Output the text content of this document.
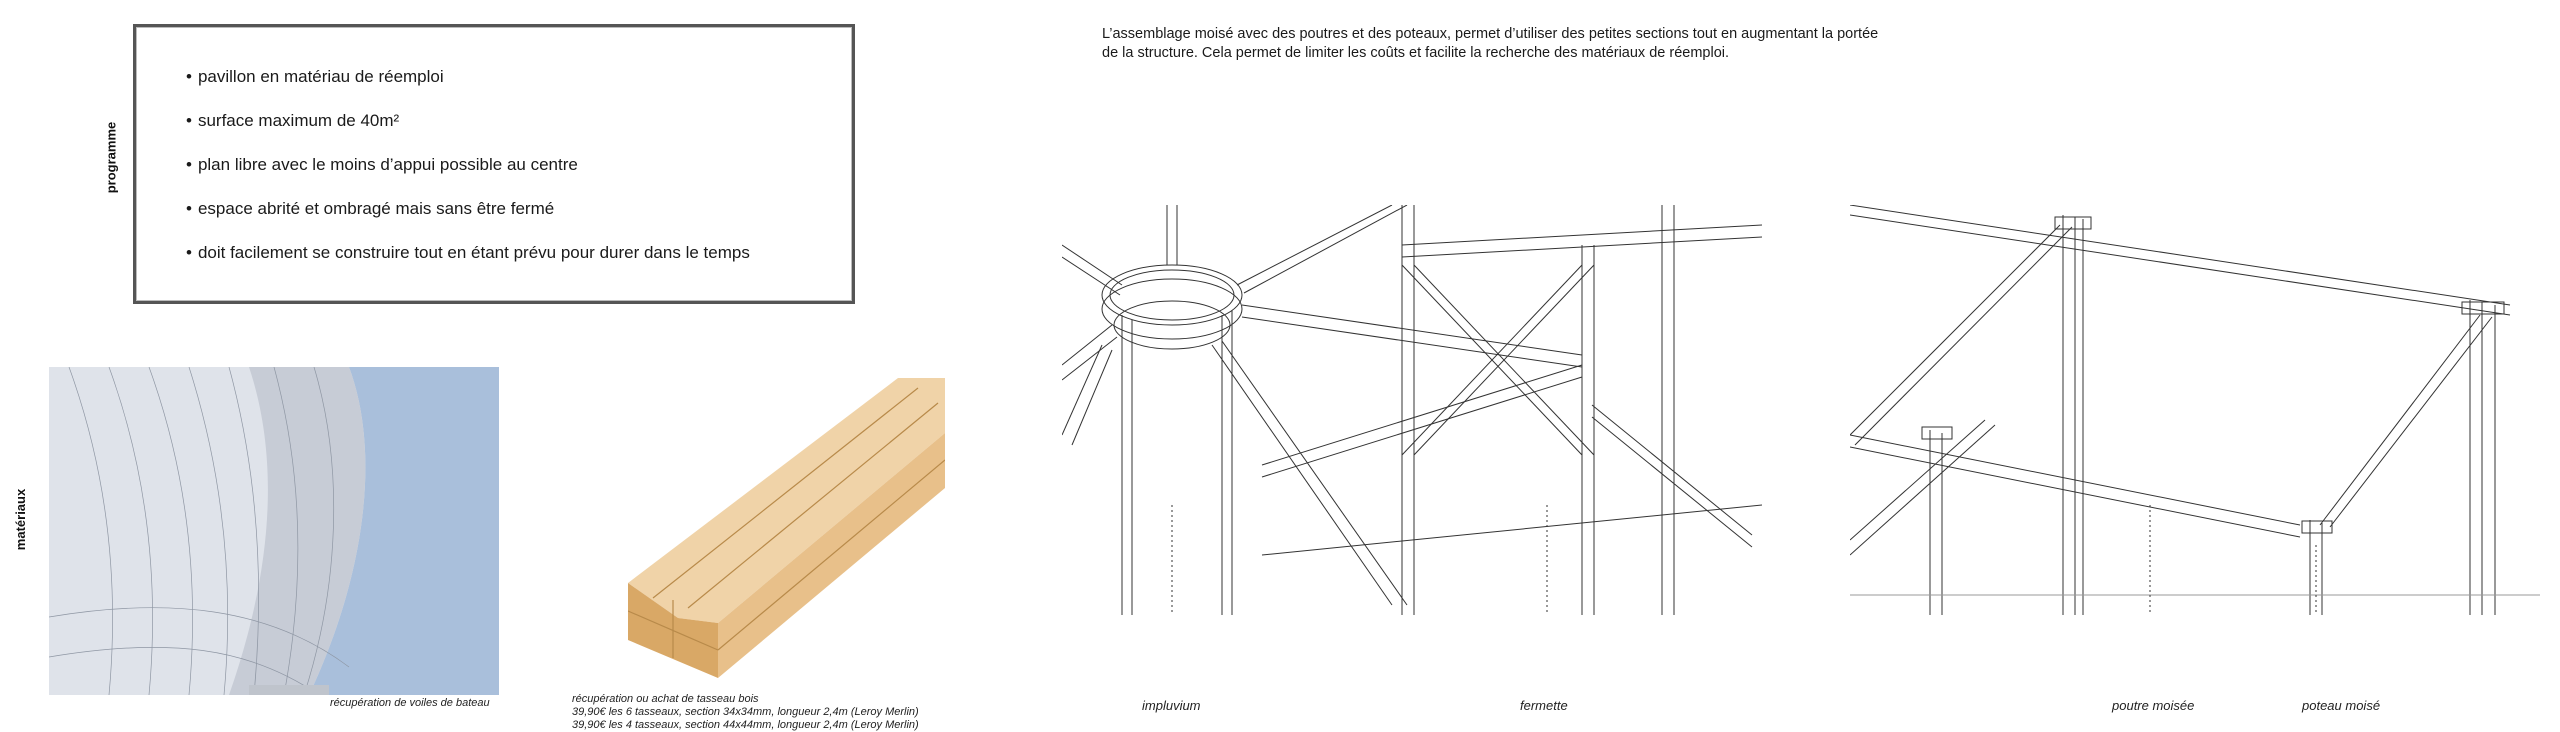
programme
matériaux
• pavillon en matériau de réemploi
• surface maximum de 40m²
• plan libre avec le moins d’appui possible au centre
• espace abrité et ombragé mais sans être fermé
• doit facilement se construire tout en étant prévu pour durer dans le temps
L’assemblage moisé avec des poutres et des poteaux, permet d’utiliser des petites sections tout en augmentant la portée de la structure. Cela permet de limiter les coûts et facilite la recherche des matériaux de réemploi.
récupération de voiles de bateau	récupération ou achat de tasseau bois
39,90€ les 6 tasseaux, section 34x34mm, longueur 2,4m (Leroy Merlin)
39,90€ les 4 tasseaux, section 44x44mm, longueur 2,4m (Leroy Merlin)
impluvium	fermette	poutre moisée	poteau moisé
